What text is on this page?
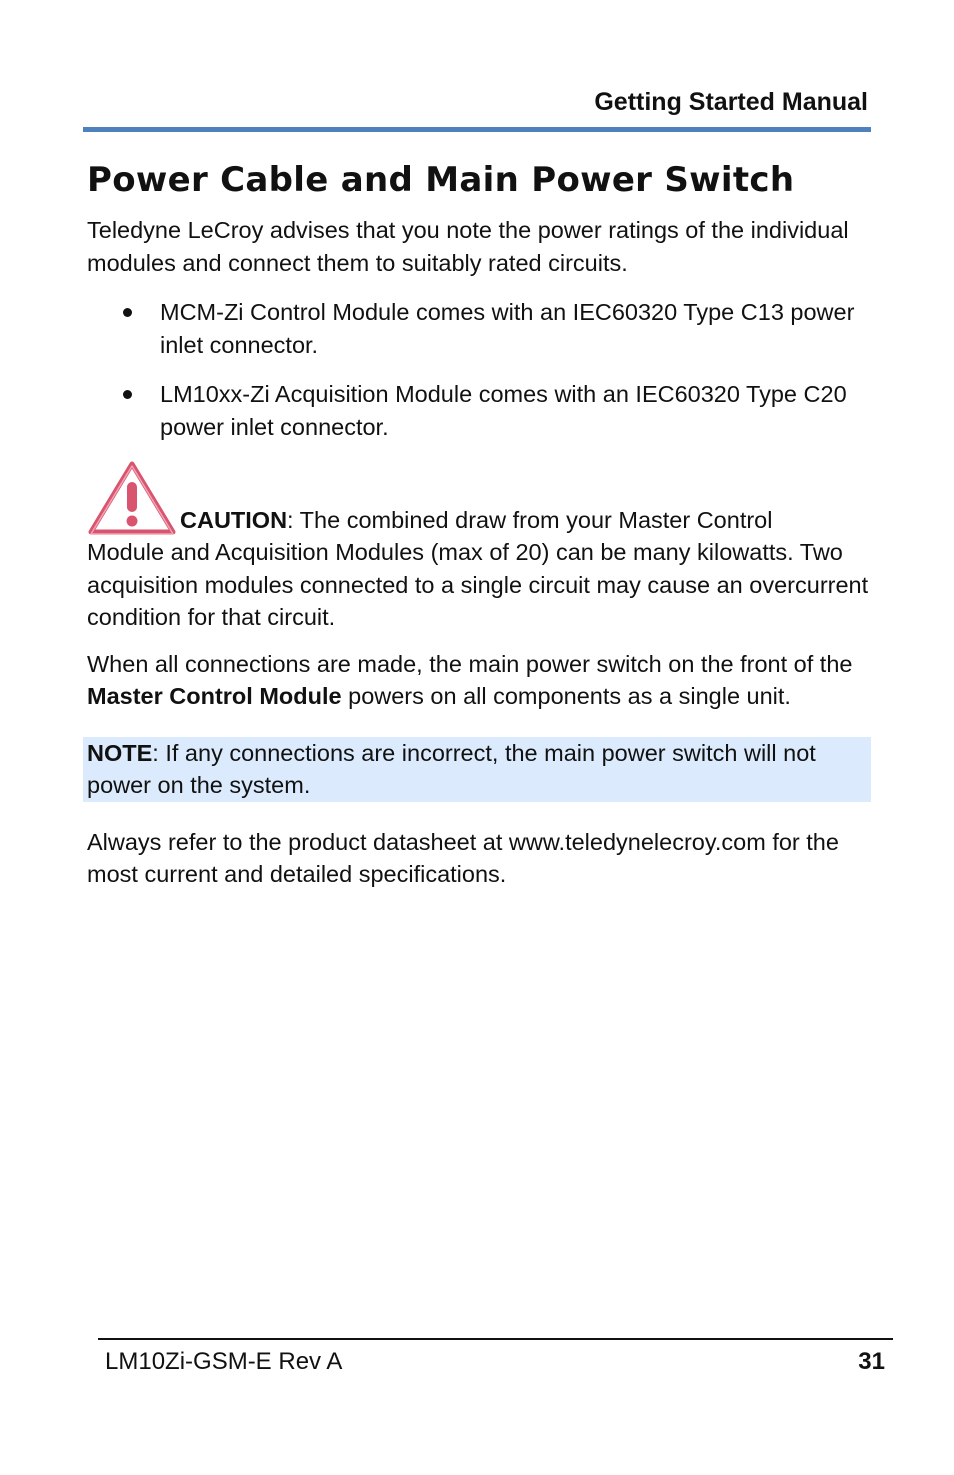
Getting Started Manual
Power Cable and Main Power Switch

Teledyne LeCroy advises that you note the power ratings of the individual modules and connect them to suitably rated circuits.

MCM-Zi Control Module comes with an IEC60320 Type C13 power inlet connector.
LM10xx-Zi Acquisition Module comes with an IEC60320 Type C20 power inlet connector.
CAUTION: The combined draw from your Master Control

Module and Acquisition Modules (max of 20) can be many kilowatts. Two acquisition modules connected to a single circuit may cause an overcurrent condition for that circuit.

When all connections are made, the main power switch on the front of the Master Control Module powers on all components as a single unit.

NOTE: If any connections are incorrect, the main power switch will not power on the system.

Always refer to the product datasheet at www.teledynelecroy.com for the most current and detailed specifications.

LM10Zi-GSM-E Rev A	31
